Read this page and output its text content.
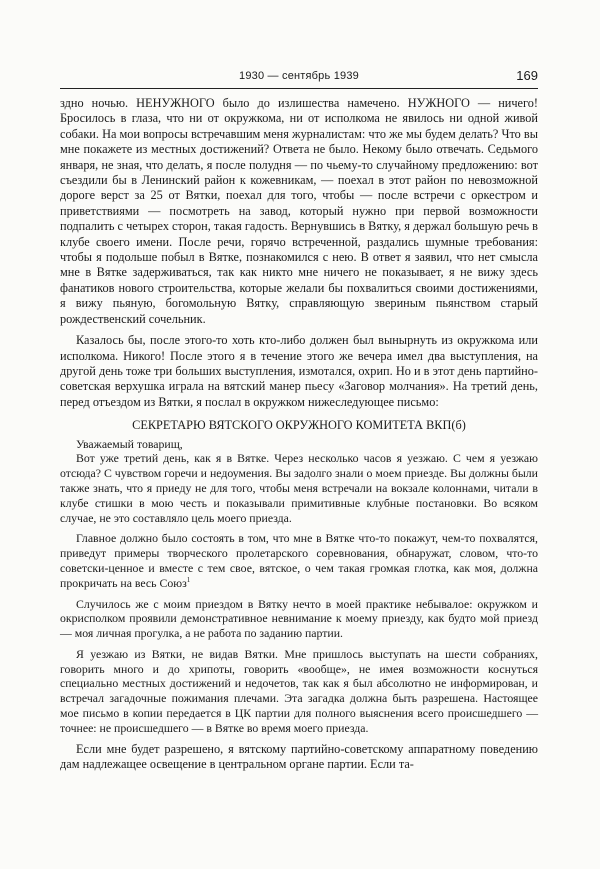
1930 — сентябрь 1939	169

здно ночью. НЕНУЖНОГО было до излишества намечено. НУЖНОГО — ничего! Бросилось в глаза, что ни от окружкома, ни от исполкома не явилось ни одной живой собаки. На мои вопросы встречавшим меня журналистам: что же мы будем делать? Что вы мне покажете из местных достижений? Ответа не было. Некому было отвечать. Седьмого января, не зная, что делать, я после полудня — по чьему-то случайному предложению: вот съездили бы в Ленинский район к кожевникам, — поехал в этот район по невозможной дороге верст за 25 от Вятки, поехал для того, чтобы — после встречи с оркестром и приветствиями — посмотреть на завод, который нужно при первой возможности подпалить с четырех сторон, такая гадость. Вернувшись в Вятку, я держал большую речь в клубе своего имени. После речи, горячо встреченной, раздались шумные требования: чтобы я подольше побыл в Вятке, познакомился с нею. В ответ я заявил, что нет смысла мне в Вятке задерживаться, так как никто мне ничего не показывает, я не вижу здесь фанатиков нового строительства, которые желали бы похвалиться своими достижениями, я вижу пьяную, богомольную Вятку, справляющую звериным пьянством старый рождественский сочельник.

Казалось бы, после этого-то хоть кто-либо должен был вынырнуть из окружкома или исполкома. Никого! После этого я в течение этого же вечера имел два выступления, на другой день тоже три больших выступления, измотался, охрип. Но и в этот день партийно-советская верхушка играла на вятский манер пьесу «Заговор молчания». На третий день, перед отъездом из Вятки, я послал в окружком нижеследующее письмо:

СЕКРЕТАРЮ ВЯТСКОГО ОКРУЖНОГО КОМИТЕТА ВКП(б)

Уважаемый товарищ,

Вот уже третий день, как я в Вятке. Через несколько часов я уезжаю. С чем я уезжаю отсюда? С чувством горечи и недоумения. Вы задолго знали о моем приезде. Вы должны были также знать, что я приеду не для того, чтобы меня встречали на вокзале колоннами, читали в клубе стишки в мою честь и показывали примитивные клубные постановки. Во всяком случае, не это составляло цель моего приезда.

Главное должно было состоять в том, что мне в Вятке что-то покажут, чем-то похвалятся, приведут примеры творческого пролетарского соревнования, обнаружат, словом, что-то советски-ценное и вместе с тем свое, вятское, о чем такая громкая глотка, как моя, должна прокричать на весь Союз$^1$

Случилось же с моим приездом в Вятку нечто в моей практике небывалое: окружком и окрисполком проявили демонстративное невнимание к моему приезду, как будто мой приезд — моя личная прогулка, а не работа по заданию партии.

Я уезжаю из Вятки, не видав Вятки. Мне пришлось выступать на шести собраниях, говорить много и до хрипоты, говорить «вообще», не имея возможности коснуться специально местных достижений и недочетов, так как я был абсолютно не информирован, и встречал загадочные пожимания плечами. Эта загадка должна быть разрешена. Настоящее мое письмо в копии передается в ЦК партии для полного выяснения всего происшедшего — точнее: не происшедшего — в Вятке во время моего приезда.

Если мне будет разрешено, я вятскому партийно-советскому аппаратному поведению дам надлежащее освещение в центральном органе партии. Если та-
